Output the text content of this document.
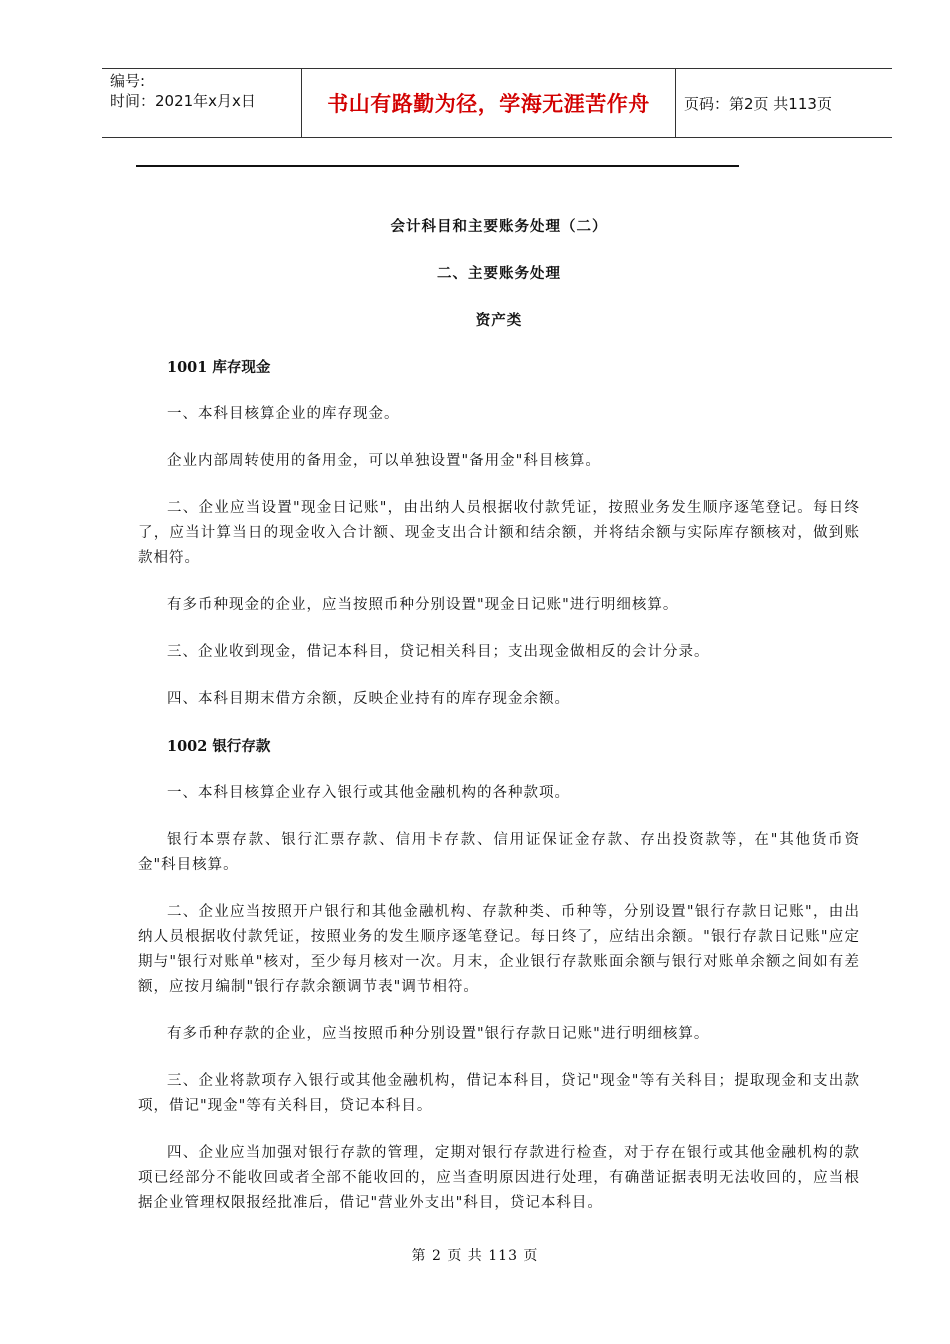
编号:
时间：2021年x月x日	书山有路勤为径，学海无涯苦作舟	页码：第2页 共113页
会计科目和主要账务处理（二）
二、主要账务处理
资产类
1001 库存现金

一、本科目核算企业的库存现金。

企业内部周转使用的备用金，可以单独设置"备用金"科目核算。

二、企业应当设置"现金日记账"，由出纳人员根据收付款凭证，按照业务发生顺序逐笔登记。每日终了，应当计算当日的现金收入合计额、现金支出合计额和结余额，并将结余额与实际库存额核对，做到账款相符。

有多币种现金的企业，应当按照币种分别设置"现金日记账"进行明细核算。

三、企业收到现金，借记本科目，贷记相关科目；支出现金做相反的会计分录。

四、本科目期末借方余额，反映企业持有的库存现金余额。

1002 银行存款

一、本科目核算企业存入银行或其他金融机构的各种款项。

银行本票存款、银行汇票存款、信用卡存款、信用证保证金存款、存出投资款等，在"其他货币资金"科目核算。

二、企业应当按照开户银行和其他金融机构、存款种类、币种等，分别设置"银行存款日记账"，由出纳人员根据收付款凭证，按照业务的发生顺序逐笔登记。每日终了，应结出余额。"银行存款日记账"应定期与"银行对账单"核对，至少每月核对一次。月末，企业银行存款账面余额与银行对账单余额之间如有差额，应按月编制"银行存款余额调节表"调节相符。

有多币种存款的企业，应当按照币种分别设置"银行存款日记账"进行明细核算。

三、企业将款项存入银行或其他金融机构，借记本科目，贷记"现金"等有关科目；提取现金和支出款项，借记"现金"等有关科目，贷记本科目。

四、企业应当加强对银行存款的管理，定期对银行存款进行检查，对于存在银行或其他金融机构的款项已经部分不能收回或者全部不能收回的，应当查明原因进行处理，有确凿证据表明无法收回的，应当根据企业管理权限报经批准后，借记"营业外支出"科目，贷记本科目。

第 2 页 共 113 页
